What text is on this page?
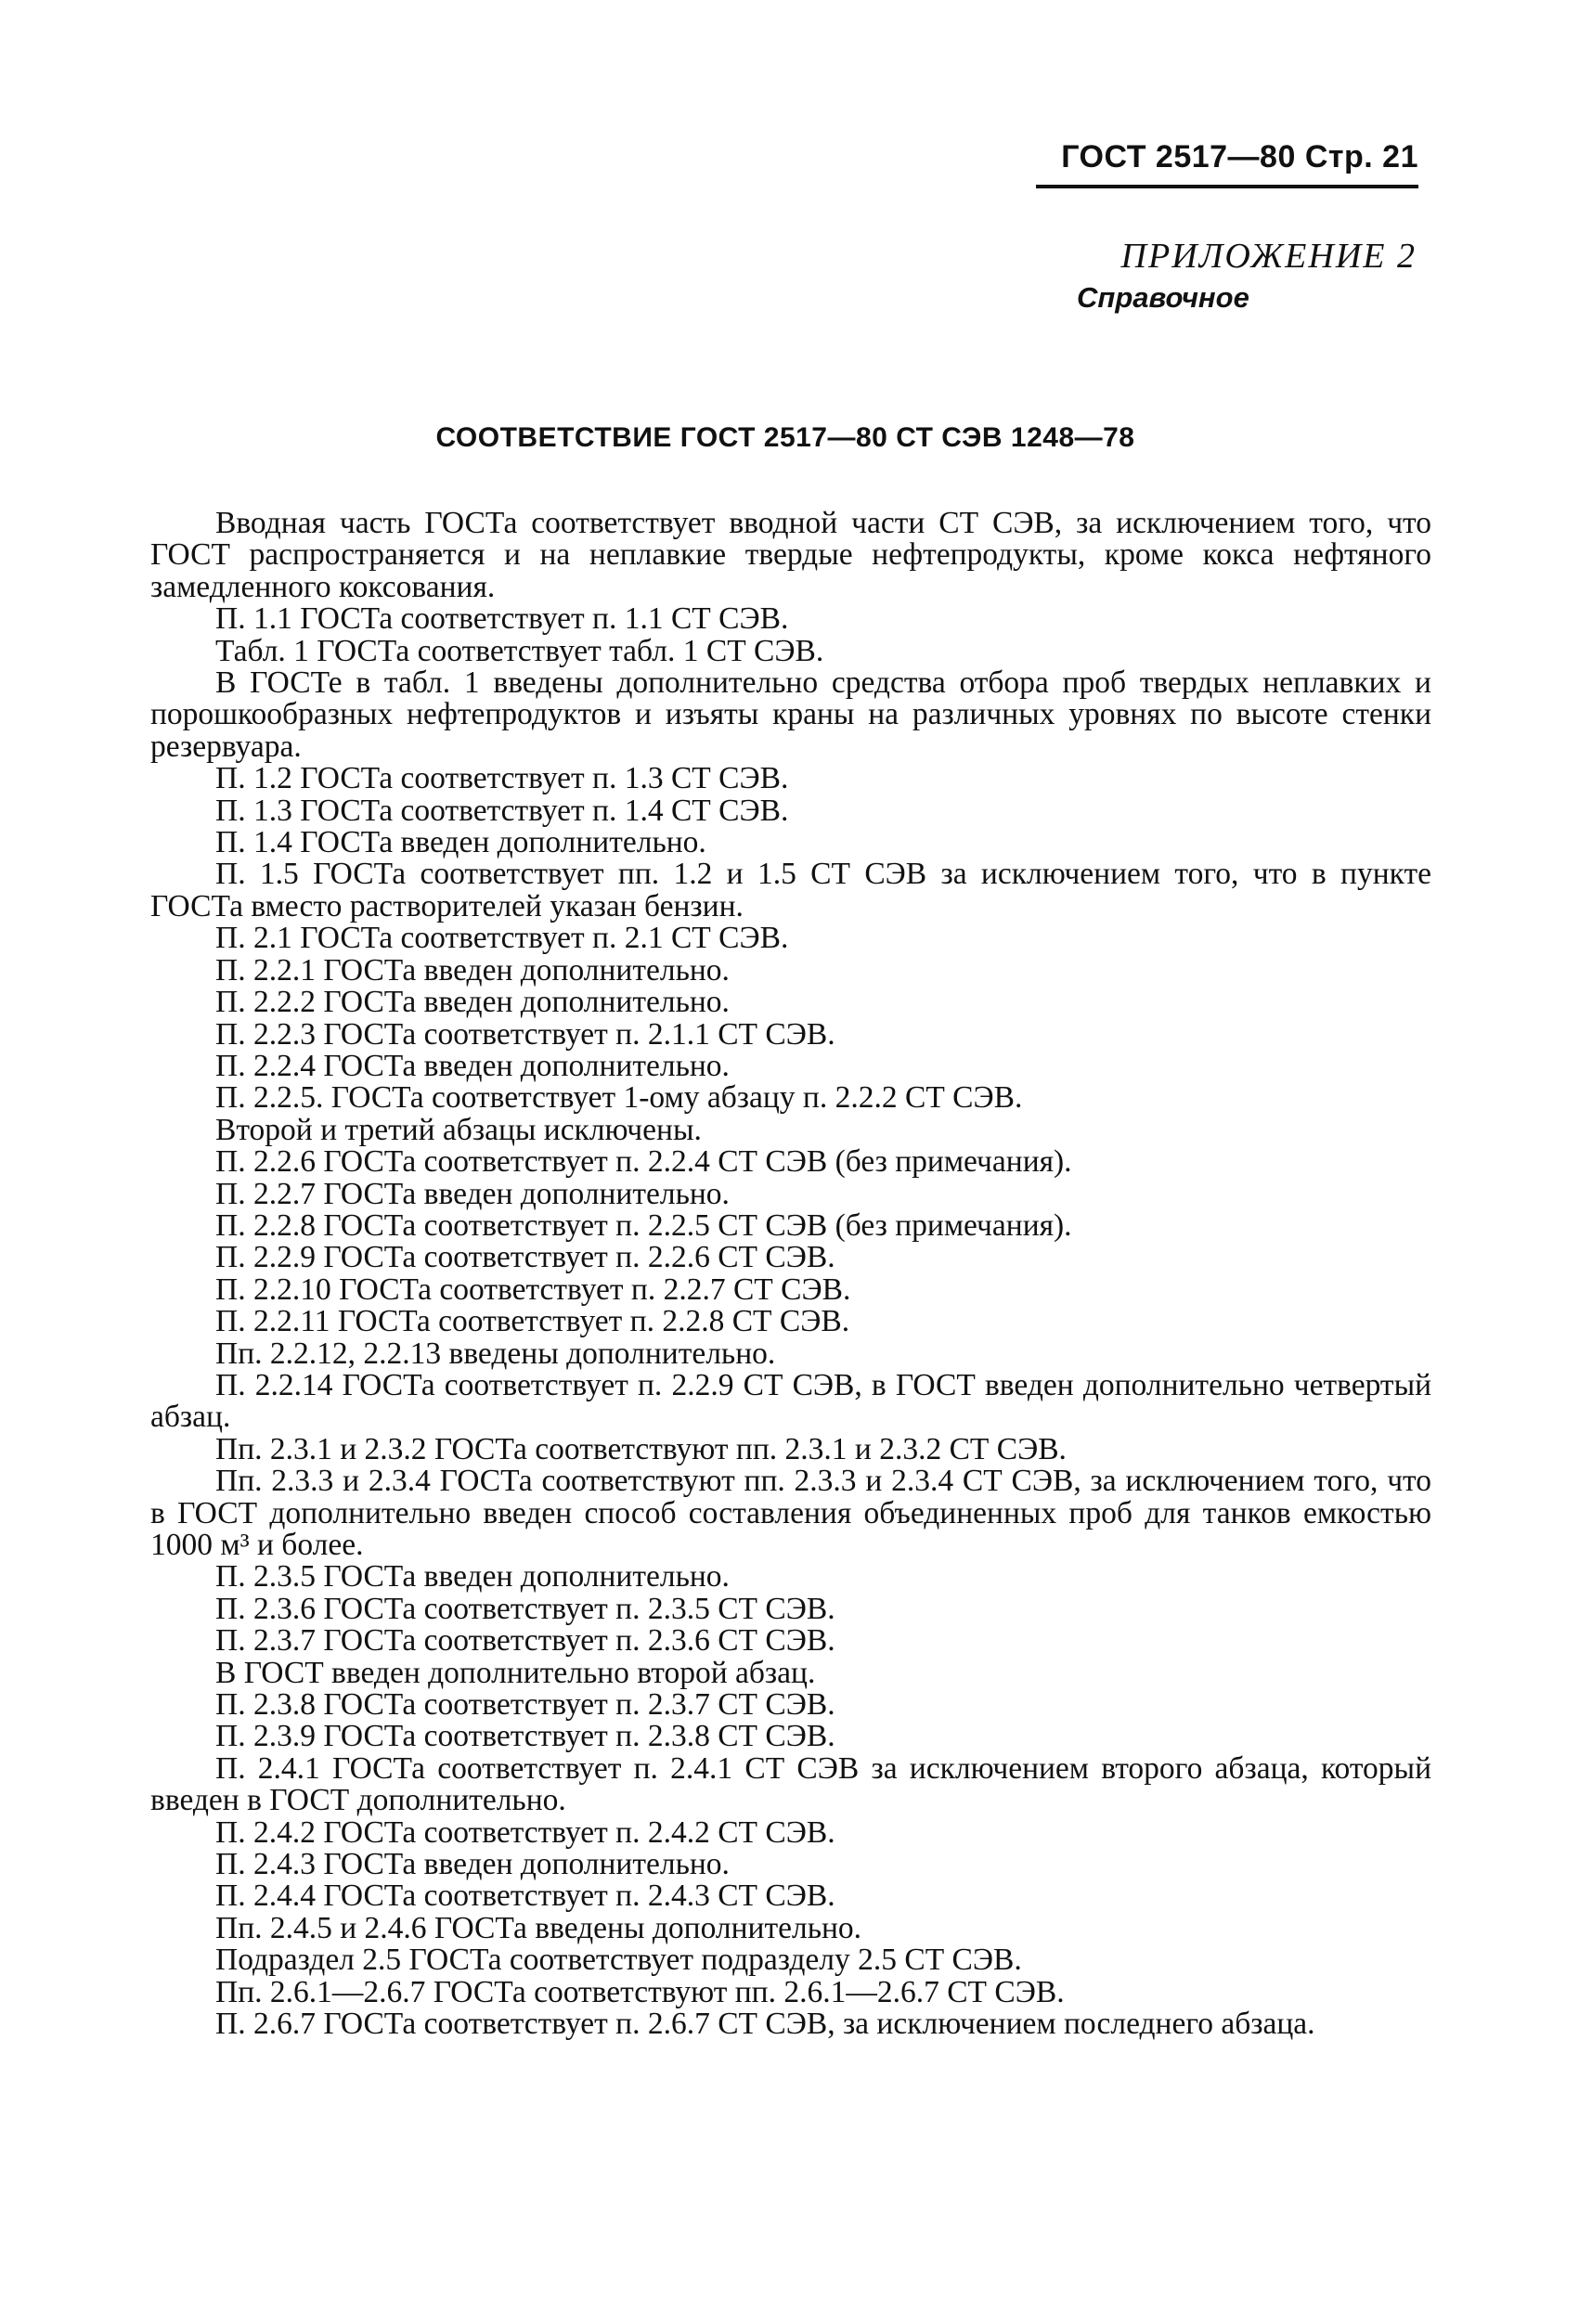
ГОСТ 2517—80 Стр. 21
ПРИЛОЖЕНИЕ 2
Справочное
СООТВЕТСТВИЕ ГОСТ 2517—80 СТ СЭВ 1248—78

Вводная часть ГОСТа соответствует вводной части СТ СЭВ, за исключением того, что ГОСТ распространяется и на неплавкие твердые нефтепродукты, кроме кокса нефтяного замедленного коксования.

П. 1.1 ГОСТа соответствует п. 1.1 СТ СЭВ.

Табл. 1 ГОСТа соответствует табл. 1 СТ СЭВ.

В ГОСТе в табл. 1 введены дополнительно средства отбора проб твердых неплавких и порошкообразных нефтепродуктов и изъяты краны на различных уровнях по высоте стенки резервуара.

П. 1.2 ГОСТа соответствует п. 1.3 СТ СЭВ.

П. 1.3 ГОСТа соответствует п. 1.4 СТ СЭВ.

П. 1.4 ГОСТа введен дополнительно.

П. 1.5 ГОСТа соответствует пп. 1.2 и 1.5 СТ СЭВ за исключением того, что в пункте ГОСТа вместо растворителей указан бензин.

П. 2.1 ГОСТа соответствует п. 2.1 СТ СЭВ.

П. 2.2.1 ГОСТа введен дополнительно.

П. 2.2.2 ГОСТа введен дополнительно.

П. 2.2.3 ГОСТа соответствует п. 2.1.1 СТ СЭВ.

П. 2.2.4 ГОСТа введен дополнительно.

П. 2.2.5. ГОСТа соответствует 1-ому абзацу п. 2.2.2 СТ СЭВ.

Второй и третий абзацы исключены.

П. 2.2.6 ГОСТа соответствует п. 2.2.4 СТ СЭВ (без примечания).

П. 2.2.7 ГОСТа введен дополнительно.

П. 2.2.8 ГОСТа соответствует п. 2.2.5 СТ СЭВ (без примечания).

П. 2.2.9 ГОСТа соответствует п. 2.2.6 СТ СЭВ.

П. 2.2.10 ГОСТа соответствует п. 2.2.7 СТ СЭВ.

П. 2.2.11 ГОСТа соответствует п. 2.2.8 СТ СЭВ.

Пп. 2.2.12, 2.2.13 введены дополнительно.

П. 2.2.14 ГОСТа соответствует п. 2.2.9 СТ СЭВ, в ГОСТ введен дополнительно четвертый абзац.

Пп. 2.3.1 и 2.3.2 ГОСТа соответствуют пп. 2.3.1 и 2.3.2 СТ СЭВ.

Пп. 2.3.3 и 2.3.4 ГОСТа соответствуют пп. 2.3.3 и 2.3.4 СТ СЭВ, за исключением того, что в ГОСТ дополнительно введен способ составления объединенных проб для танков емкостью 1000 м³ и более.

П. 2.3.5 ГОСТа введен дополнительно.

П. 2.3.6 ГОСТа соответствует п. 2.3.5 СТ СЭВ.

П. 2.3.7 ГОСТа соответствует п. 2.3.6 СТ СЭВ.

В ГОСТ введен дополнительно второй абзац.

П. 2.3.8 ГОСТа соответствует п. 2.3.7 СТ СЭВ.

П. 2.3.9 ГОСТа соответствует п. 2.3.8 СТ СЭВ.

П. 2.4.1 ГОСТа соответствует п. 2.4.1 СТ СЭВ за исключением второго абзаца, который введен в ГОСТ дополнительно.

П. 2.4.2 ГОСТа соответствует п. 2.4.2 СТ СЭВ.

П. 2.4.3 ГОСТа введен дополнительно.

П. 2.4.4 ГОСТа соответствует п. 2.4.3 СТ СЭВ.

Пп. 2.4.5 и 2.4.6 ГОСТа введены дополнительно.

Подраздел 2.5 ГОСТа соответствует подразделу 2.5 СТ СЭВ.

Пп. 2.6.1—2.6.7 ГОСТа соответствуют пп. 2.6.1—2.6.7 СТ СЭВ.

П. 2.6.7 ГОСТа соответствует п. 2.6.7 СТ СЭВ, за исключением последнего абзаца.
